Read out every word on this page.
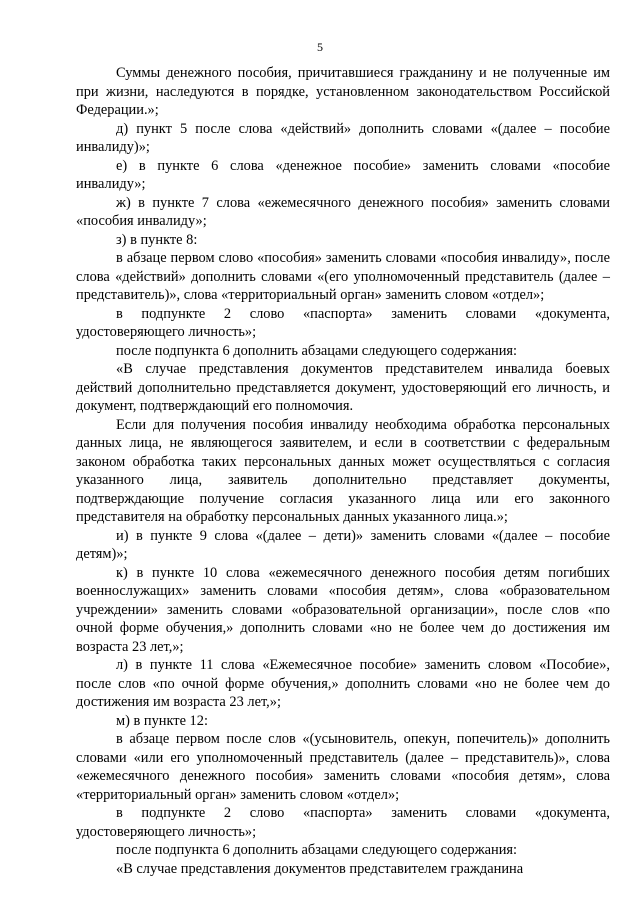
5

Суммы денежного пособия, причитавшиеся гражданину и не полученные им при жизни, наследуются в порядке, установленном законодательством Российской Федерации.»;

д) пункт 5 после слова «действий» дополнить словами «(далее – пособие инвалиду)»;

е) в пункте 6 слова «денежное пособие» заменить словами «пособие инвалиду»;

ж) в пункте 7 слова «ежемесячного денежного пособия» заменить словами «пособия инвалиду»;

з) в пункте 8:

в абзаце первом слово «пособия» заменить словами «пособия инвалиду», после слова «действий» дополнить словами «(его уполномоченный представитель (далее – представитель)», слова «территориальный орган» заменить словом «отдел»;

в подпункте 2 слово «паспорта» заменить словами «документа, удостоверяющего личность»;

после подпункта 6 дополнить абзацами следующего содержания:

«В случае представления документов представителем инвалида боевых действий дополнительно представляется документ, удостоверяющий его личность, и документ, подтверждающий его полномочия.

Если для получения пособия инвалиду необходима обработка персональных данных лица, не являющегося заявителем, и если в соответствии с федеральным законом обработка таких персональных данных может осуществляться с согласия указанного лица, заявитель дополнительно представляет документы, подтверждающие получение согласия указанного лица или его законного представителя на обработку персональных данных указанного лица.»;

и) в пункте 9 слова «(далее – дети)» заменить словами «(далее – пособие детям)»;

к) в пункте 10 слова «ежемесячного денежного пособия детям погибших военнослужащих» заменить словами «пособия детям», слова «образовательном учреждении» заменить словами «образовательной организации», после слов «по очной форме обучения,» дополнить словами «но не более чем до достижения им возраста 23 лет,»;

л) в пункте 11 слова «Ежемесячное пособие» заменить словом «Пособие», после слов «по очной форме обучения,» дополнить словами «но не более чем до достижения им возраста 23 лет,»;

м) в пункте 12:

в абзаце первом после слов «(усыновитель, опекун, попечитель)» дополнить словами «или его уполномоченный представитель (далее – представитель)», слова «ежемесячного денежного пособия» заменить словами «пособия детям», слова «территориальный орган» заменить словом «отдел»;

в подпункте 2 слово «паспорта» заменить словами «документа, удостоверяющего личность»;

после подпункта 6 дополнить абзацами следующего содержания:

«В случае представления документов представителем гражданина
